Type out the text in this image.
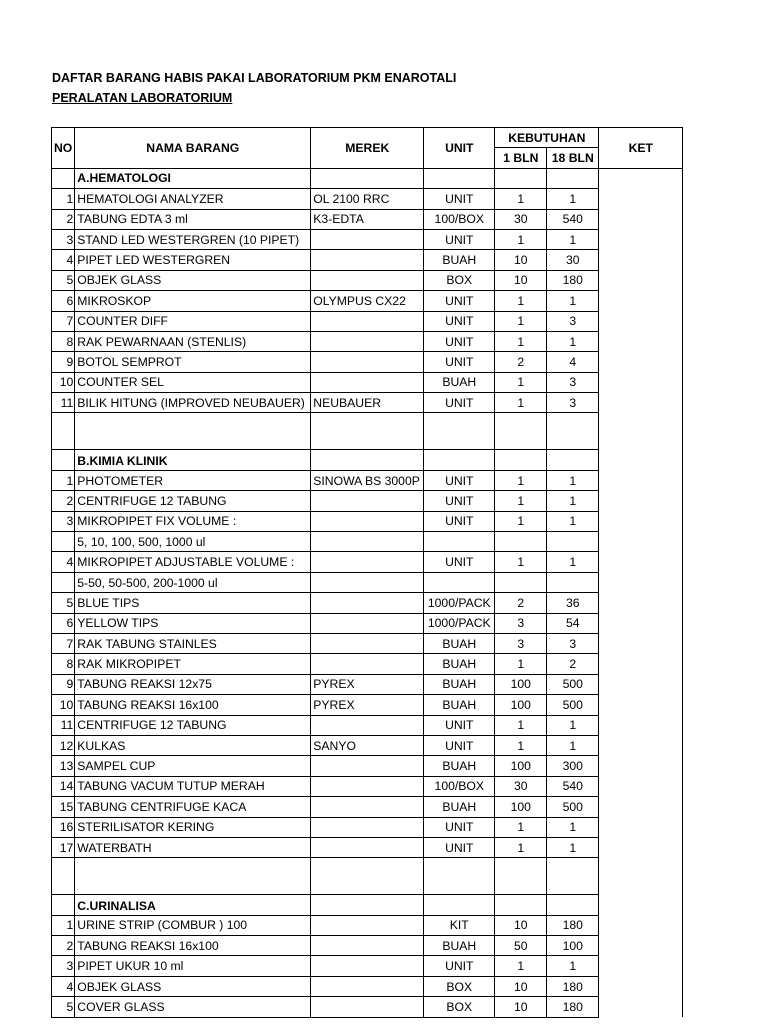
DAFTAR BARANG HABIS PAKAI LABORATORIUM PKM ENAROTALI
PERALATAN LABORATORIUM
NO	NAMA BARANG	MEREK	UNIT	KEBUTUHAN		KET
				1 BLN	18 BLN	
	A.HEMATOLOGI					
1	HEMATOLOGI ANALYZER	OL 2100 RRC	UNIT	1	1	
2	TABUNG EDTA 3 ml	K3-EDTA	100/BOX	30	540	
3	STAND LED WESTERGREN (10 PIPET)		UNIT	1	1	
4	PIPET LED WESTERGREN		BUAH	10	30	
5	OBJEK GLASS		BOX	10	180	
6	MIKROSKOP	OLYMPUS CX22	UNIT	1	1	
7	COUNTER DIFF		UNIT	1	3	
8	RAK PEWARNAAN (STENLIS)		UNIT	1	1	
9	BOTOL SEMPROT		UNIT	2	4	
10	COUNTER SEL		BUAH	1	3	
11	BILIK HITUNG (IMPROVED NEUBAUER)	NEUBAUER	UNIT	1	3	

	B.KIMIA KLINIK					
1	PHOTOMETER	SINOWA BS 3000P	UNIT	1	1	
2	CENTRIFUGE 12 TABUNG		UNIT	1	1	
3	MIKROPIPET FIX VOLUME :		UNIT	1	1	
	5, 10, 100, 500, 1000 ul					
4	MIKROPIPET ADJUSTABLE VOLUME :		UNIT	1	1	
	5-50, 50-500, 200-1000 ul					
5	BLUE TIPS		1000/PACK	2	36	
6	YELLOW TIPS		1000/PACK	3	54	
7	RAK TABUNG STAINLES		BUAH	3	3	
8	RAK MIKROPIPET		BUAH	1	2	
9	TABUNG REAKSI 12x75	PYREX	BUAH	100	500	
10	TABUNG REAKSI 16x100	PYREX	BUAH	100	500	
11	CENTRIFUGE 12 TABUNG		UNIT	1	1	
12	KULKAS	SANYO	UNIT	1	1	
13	SAMPEL CUP		BUAH	100	300	
14	TABUNG VACUM TUTUP MERAH		100/BOX	30	540	
15	TABUNG CENTRIFUGE KACA		BUAH	100	500	
16	STERILISATOR KERING		UNIT	1	1	
17	WATERBATH		UNIT	1	1	

	C.URINALISA					
1	URINE STRIP (COMBUR ) 100		KIT	10	180	
2	TABUNG REAKSI 16x100		BUAH	50	100	
3	PIPET UKUR 10 ml		UNIT	1	1	
4	OBJEK GLASS		BOX	10	180	
5	COVER GLASS		BOX	10	180	
